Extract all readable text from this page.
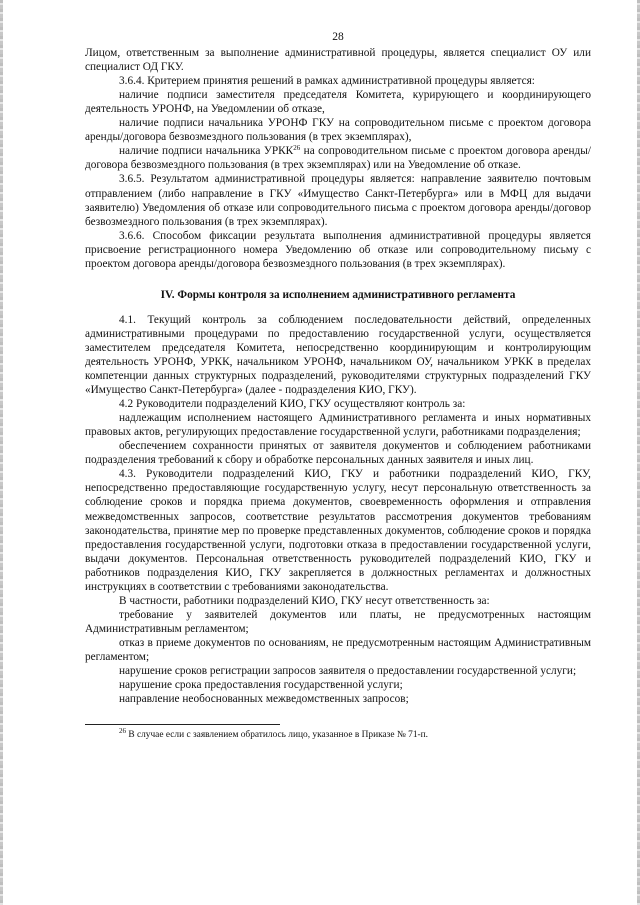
28

Лицом, ответственным за выполнение административной процедуры, является специалист ОУ или специалист ОД ГКУ.

3.6.4. Критерием принятия решений в рамках административной процедуры является:

наличие подписи заместителя председателя Комитета, курирующего и координирующего деятельность УРОНФ, на Уведомлении об отказе,

наличие подписи начальника УРОНФ ГКУ на сопроводительном письме с проектом договора аренды/договора безвозмездного пользования (в трех экземплярах),

наличие подписи начальника УРКК$^{26}$ на сопроводительном письме с проектом договора аренды/договора безвозмездного пользования (в трех экземплярах) или на Уведомление об отказе.

3.6.5. Результатом административной процедуры является: направление заявителю почтовым отправлением (либо направление в ГКУ «Имущество Санкт-Петербурга» или в МФЦ для выдачи заявителю) Уведомления об отказе или сопроводительного письма с проектом договора аренды/договор безвозмездного пользования (в трех экземплярах).

3.6.6. Способом фиксации результата выполнения административной процедуры является присвоение регистрационного номера Уведомлению об отказе или сопроводительному письму с проектом договора аренды/договора безвозмездного пользования (в трех экземплярах).

IV. Формы контроля за исполнением административного регламента

4.1. Текущий контроль за соблюдением последовательности действий, определенных административными процедурами по предоставлению государственной услуги, осуществляется заместителем председателя Комитета, непосредственно координирующим и контролирующим деятельность УРОНФ, УРКК, начальником УРОНФ, начальником ОУ, начальником УРКК в пределах компетенции данных структурных подразделений, руководителями структурных подразделений ГКУ «Имущество Санкт-Петербурга» (далее - подразделения КИО, ГКУ).

4.2 Руководители подразделений КИО, ГКУ осуществляют контроль за:

надлежащим исполнением настоящего Административного регламента и иных нормативных правовых актов, регулирующих предоставление государственной услуги, работниками подразделения;

обеспечением сохранности принятых от заявителя документов и соблюдением работниками подразделения требований к сбору и обработке персональных данных заявителя и иных лиц.

4.3. Руководители подразделений КИО, ГКУ и работники подразделений КИО, ГКУ, непосредственно предоставляющие государственную услугу, несут персональную ответственность за соблюдение сроков и порядка приема документов, своевременность оформления и отправления межведомственных запросов, соответствие результатов рассмотрения документов требованиям законодательства, принятие мер по проверке представленных документов, соблюдение сроков и порядка предоставления государственной услуги, подготовки отказа в предоставлении государственной услуги, выдачи документов. Персональная ответственность руководителей подразделений КИО, ГКУ и работников подразделения КИО, ГКУ закрепляется в должностных регламентах и должностных инструкциях в соответствии с требованиями законодательства.

В частности, работники подразделений КИО, ГКУ несут ответственность за:

требование у заявителей документов или платы, не предусмотренных настоящим Административным регламентом;

отказ в приеме документов по основаниям, не предусмотренным настоящим Административным регламентом;

нарушение сроков регистрации запросов заявителя о предоставлении государственной услуги;

нарушение срока предоставления государственной услуги;

направление необоснованных межведомственных запросов;

$^{26}$ В случае если с заявлением обратилось лицо, указанное в Приказе № 71-п.
